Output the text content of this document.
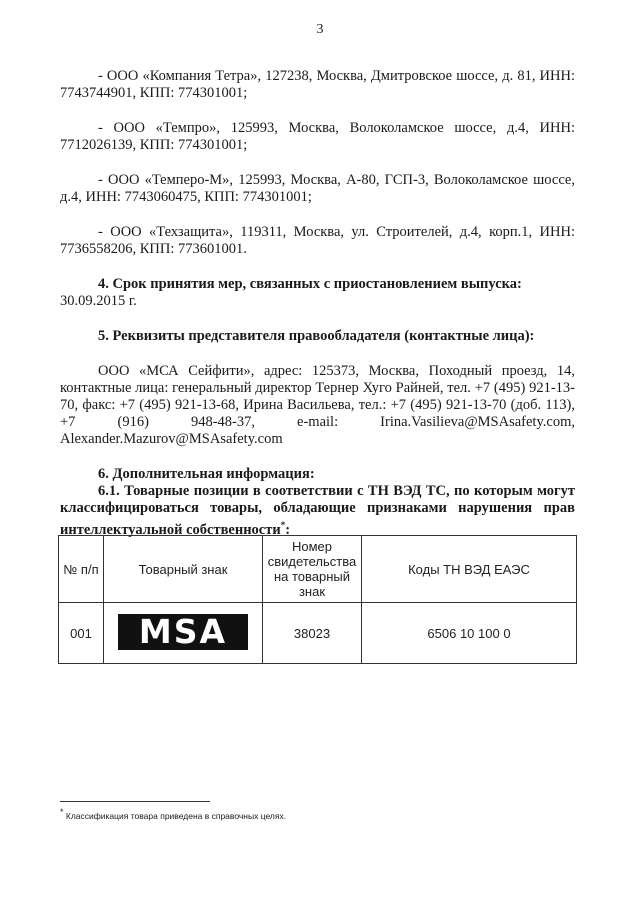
3

- ООО «Компания Тетра», 127238, Москва, Дмитровское шоссе, д. 81, ИНН: 7743744901, КПП: 774301001;

- ООО «Темпро», 125993, Москва, Волоколамское шоссе, д.4, ИНН: 7712026139, КПП: 774301001;

- ООО «Темперо-М», 125993, Москва, А-80, ГСП-3, Волоколамское шоссе, д.4, ИНН: 7743060475, КПП: 774301001;

- ООО «Техзащита», 119311, Москва, ул. Строителей, д.4, корп.1, ИНН: 7736558206, КПП: 773601001.

4. Срок принятия мер, связанных с приостановлением выпуска:

30.09.2015 г.

5. Реквизиты представителя правообладателя (контактные лица):

ООО «МСА Сейфити», адрес: 125373, Москва, Походный проезд, 14, контактные лица: генеральный директор Тернер Хуго Райней, тел. +7 (495) 921-13-70, факс: +7 (495) 921-13-68, Ирина Васильева, тел.: +7 (495) 921-13-70 (доб. 113), +7 (916) 948-48-37, e-mail: Irina.Vasilieva@MSAsafety.com, Alexander.Mazurov@MSAsafety.com

6. Дополнительная информация:

6.1. Товарные позиции в соответствии с ТН ВЭД ТС, по которым могут классифицироваться товары, обладающие признаками нарушения прав интеллектуальной собственности*:

№ п/п	Товарный знак	Номер свидетельства на товарный знак	Коды ТН ВЭД ЕАЭС
001	MSA	38023	6506 10 100 0
* Классификация товара приведена в справочных целях.
